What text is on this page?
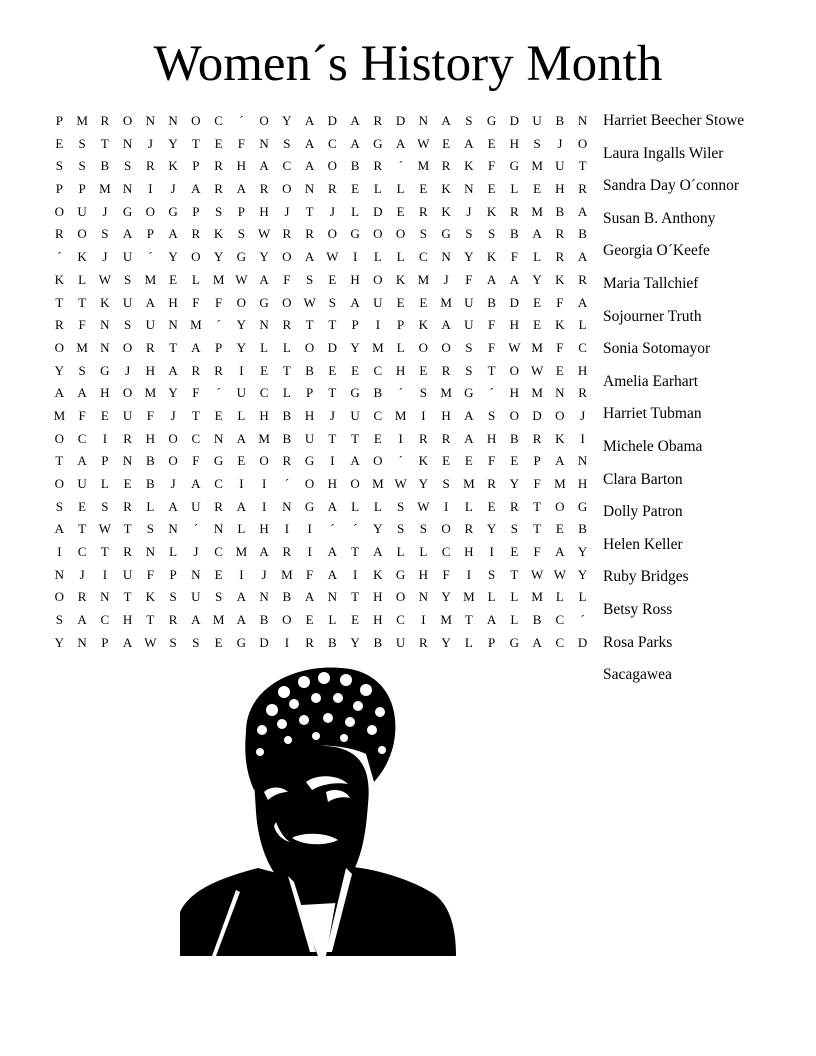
Women´s History Month
P	M R	O	N	N	O	C	´	O	Y	A	D	A	R	D	N	A	S	G	D	U	B	N
E	S	T	N	J	Y	T	E	F	N	S	A	C	A	G	A W E	A	E	H	S	J	O
S	S	B	S	R	K	P	R	H	A	C	A	O	B	R	´	M R	K	F	G M U	T
P	P	M N	I	J	A	R	A	R	O	N	R	E	L	L	E	K	N	E	L	E	H	R
O	U	J	G	O	G	P	S	P	H	J	T	J	L	D	E	R	K	J	K	R M B	A
R	O	S	A	P	A	R	K	S	W R	R	O	G	O	O	S	G	S	S	B	A	R	B
´	K	J	U	´	Y	O	Y	G	Y	O	A W	I	L	L	C	N	Y	K	F	L	R	A
K	L W S	M E	L	M W A	F	S	E	H	O	K M	J	F	A	A	Y	K	R
T	T	K	U	A	H	F	F	O	G	O W S	A	U	E	E	M U	B	D	E	F	A
R	F	N	S	U	N M	´	Y	N	R	T	T	P	I	P	K	A	U	F	H	E	K	L
O M N	O	R	T	A	P	Y	L	L	O	D	Y M L	O	O	S	F	W M	F	C
Y	S	G	J	H	A	R	R	I	E	T	B	E	E	C	H	E	R	S	T	O W E	H
A	A	H	O M Y	F	´	U	C	L	P	T	G	B	´	S	M G	´	H M N	R
M	F	E	U	F	J	T	E	L	H	B	H	J	U	C M	I	H	A	S	O	D	O	J
O	C	I	R	H	O	C	N	A M B	U	T	T	E	I	R	R	A	H	B	R	K	I
T	A	P	N	B	O	F	G	E	O	R	G	I	A	O	´	K	E	E	F	E	P	A	N
O	U	L	E	B	J	A	C	I	I	´	O	H	O M W Y	S	M R	Y	F	M H
S	E	S	R	L	A	U	R	A	I	N	G	A	L	L	S	W	I	L	E	R	T	O	G
A	T W T	S	N	´	N	L	H	I	I	´	´	Y	S	S	O	R	Y	S	T	E	B
I	C	T	R	N	L	J	C M A	R	I	A	T	A	L	L	C	H	I	E	F	A	Y
N	J	I	U	F	P	N	E	I	J	M	F	A	I	K	G	H	F	I	S	T W W Y
O	R	N	T	K	S	U	S	A	N	B	A	N	T	H	O	N	Y M L	L	M L	L
S	A	C	H	T	R	A M A	B	O	E	L	E	H	C	I	M T	A	L	B	C	´
Y	N	P	A W S	S	E	G	D	I	R	B	Y	B	U	R	Y	L	P	G	A	C	D
Harriet Beecher Stowe
Laura Ingalls Wiler
Sandra Day O´connor
Susan B. Anthony
Georgia O´Keefe
Maria Tallchief
Sojourner Truth
Sonia Sotomayor
Amelia Earhart
Harriet Tubman
Michele Obama
Clara Barton
Dolly Patron
Helen Keller
Ruby Bridges
Betsy Ross
Rosa Parks
Sacagawea
